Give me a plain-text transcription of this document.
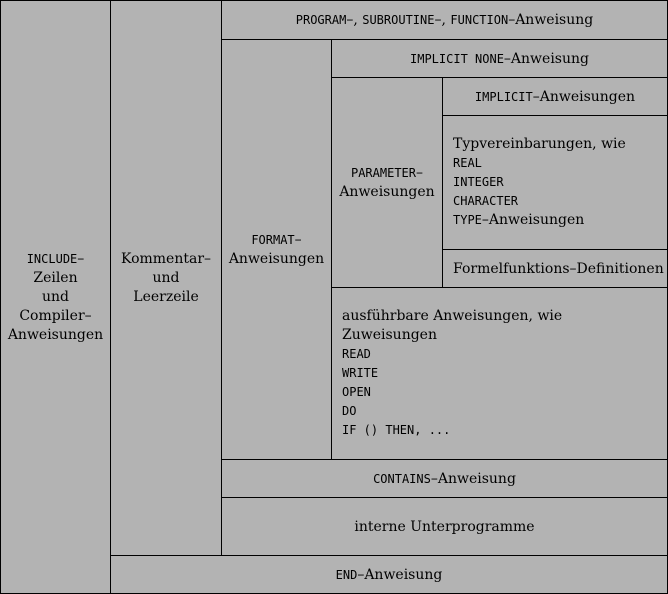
INCLUDE–
Zeilen
und
Compiler–
Anweisungen
Kommentar–
und
Leerzeile
PROGRAM–, SUBROUTINE–, FUNCTION–Anweisung
FORMAT–
Anweisungen
IMPLICIT NONE–Anweisung
PARAMETER–
Anweisungen
IMPLICIT–Anweisungen
Typvereinbarungen, wie
REAL
INTEGER
CHARACTER
TYPE–Anweisungen
Formelfunktions–Definitionen
ausführbare Anweisungen, wie
Zuweisungen
READ
WRITE
OPEN
DO
IF () THEN, ...
CONTAINS–Anweisung
interne Unterprogramme
END–Anweisung
